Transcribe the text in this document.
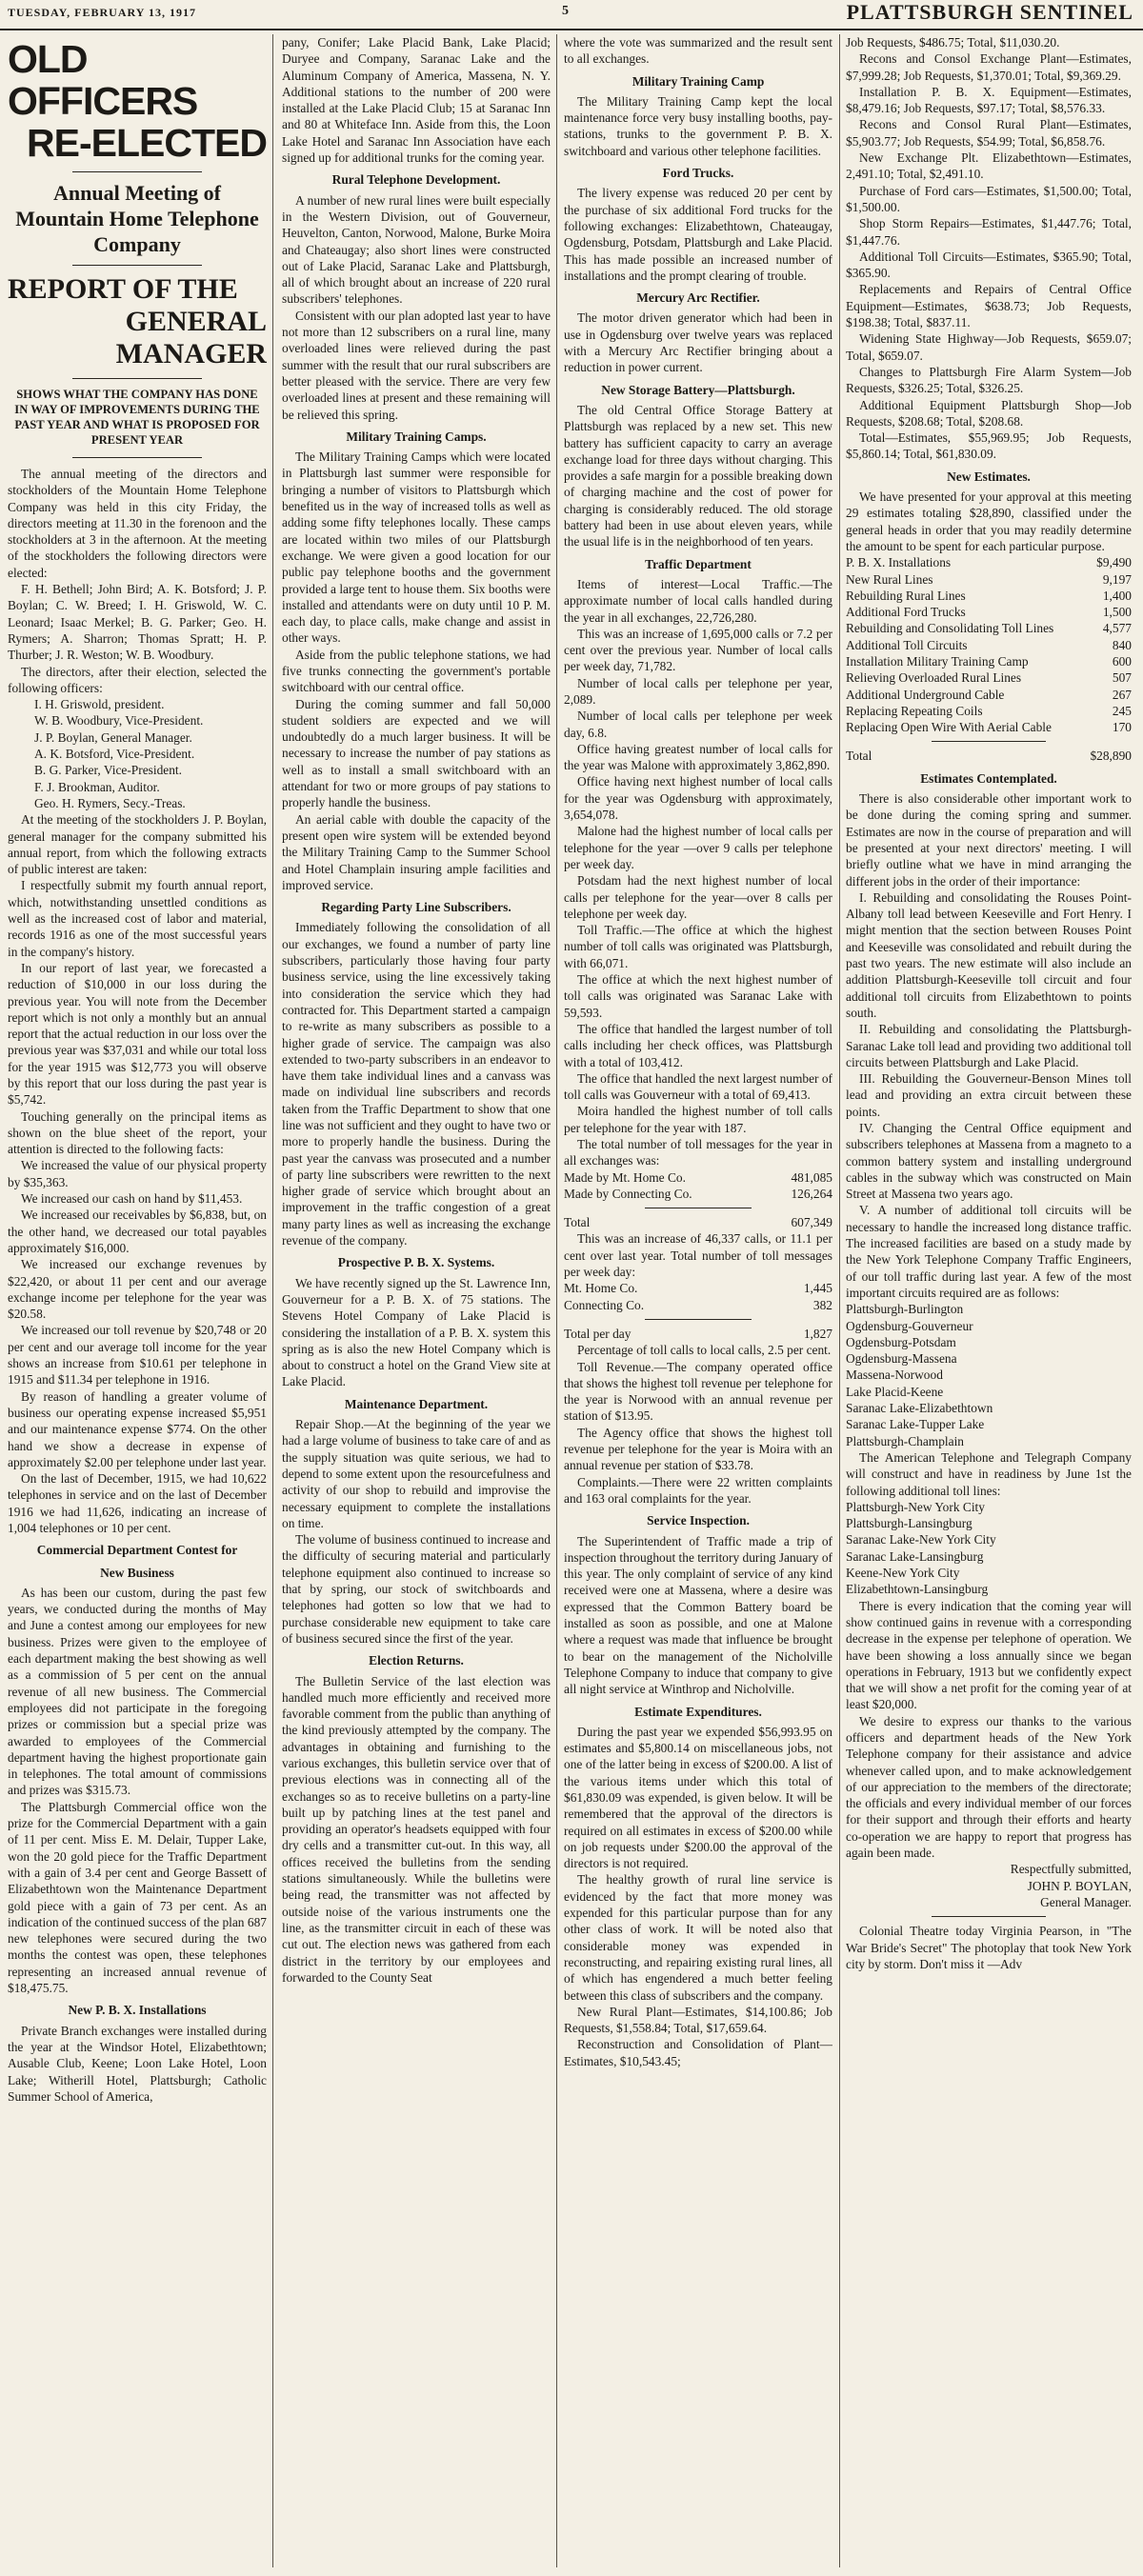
TUESDAY, FEBRUARY 13, 1917	5	PLATTSBURGH SENTINEL
OLD OFFICERS
RE-ELECTED
Annual Meeting of Mountain Home Telephone Company
REPORT OF THE
GENERAL MANAGER
SHOWS WHAT THE COMPANY HAS DONE IN WAY OF IMPROVEMENTS DURING THE PAST YEAR AND WHAT IS PROPOSED FOR PRESENT YEAR

The annual meeting of the directors and stockholders of the Mountain Home Telephone Company was held in this city Friday, the directors meeting at 11.30 in the forenoon and the stockholders at 3 in the afternoon. At the meeting of the stockholders the following directors were elected:

F. H. Bethell; John Bird; A. K. Botsford; J. P. Boylan; C. W. Breed; I. H. Griswold, W. C. Leonard; Isaac Merkel; B. G. Parker; Geo. H. Rymers; A. Sharron; Thomas Spratt; H. P. Thurber; J. R. Weston; W. B. Woodbury.

The directors, after their election, selected the following officers:

I. H. Griswold, president.

W. B. Woodbury, Vice-President.

J. P. Boylan, General Manager.

A. K. Botsford, Vice-President.

B. G. Parker, Vice-President.

F. J. Brookman, Auditor.

Geo. H. Rymers, Secy.-Treas.

At the meeting of the stockholders J. P. Boylan, general manager for the company submitted his annual report, from which the following extracts of public interest are taken:

I respectfully submit my fourth annual report, which, notwithstanding unsettled conditions as well as the increased cost of labor and material, records 1916 as one of the most successful years in the company's history.

In our report of last year, we forecasted a reduction of $10,000 in our loss during the previous year. You will note from the December report which is not only a monthly but an annual report that the actual reduction in our loss over the previous year was $37,031 and while our total loss for the year 1915 was $12,773 you will observe by this report that our loss during the past year is $5,742.

Touching generally on the principal items as shown on the blue sheet of the report, your attention is directed to the following facts:

We increased the value of our physical property by $35,363.

We increased our cash on hand by $11,453.

We increased our receivables by $6,838, but, on the other hand, we decreased our total payables approximately $16,000.

We increased our exchange revenues by $22,420, or about 11 per cent and our average exchange income per telephone for the year was $20.58.

We increased our toll revenue by $20,748 or 20 per cent and our average toll income for the year shows an increase from $10.61 per telephone in 1915 and $11.34 per telephone in 1916.

By reason of handling a greater volume of business our operating expense increased $5,951 and our maintenance expense $774. On the other hand we show a decrease in expense of approximately $2.00 per telephone under last year.

On the last of December, 1915, we had 10,622 telephones in service and on the last of December 1916 we had 11,626, indicating an increase of 1,004 telephones or 10 per cent.

Commercial Department Contest for
New Business

As has been our custom, during the past few years, we conducted during the months of May and June a contest among our employees for new business. Prizes were given to the employee of each department making the best showing as well as a commission of 5 per cent on the annual revenue of all new business. The Commercial employees did not participate in the foregoing prizes or commission but a special prize was awarded to employees of the Commercial department having the highest proportionate gain in telephones. The total amount of commissions and prizes was $315.73.

The Plattsburgh Commercial office won the prize for the Commercial Department with a gain of 11 per cent. Miss E. M. Delair, Tupper Lake, won the 20 gold piece for the Traffic Department with a gain of 3.4 per cent and George Bassett of Elizabethtown won the Maintenance Department gold piece with a gain of 73 per cent. As an indication of the continued success of the plan 687 new telephones were secured during the two months the contest was open, these telephones representing an increased annual revenue of $18,475.75.

New P. B. X. Installations

Private Branch exchanges were installed during the year at the Windsor Hotel, Elizabethtown; Ausable Club, Keene; Loon Lake Hotel, Loon Lake; Witherill Hotel, Plattsburgh; Catholic Summer School of America,

pany, Conifer; Lake Placid Bank, Lake Placid; Duryee and Company, Saranac Lake and the Aluminum Company of America, Massena, N. Y. Additional stations to the number of 200 were installed at the Lake Placid Club; 15 at Saranac Inn and 80 at Whiteface Inn. Aside from this, the Loon Lake Hotel and Saranac Inn Association have each signed up for additional trunks for the coming year.

Rural Telephone Development.

A number of new rural lines were built especially in the Western Division, out of Gouverneur, Heuvelton, Canton, Norwood, Malone, Burke Moira and Chateaugay; also short lines were constructed out of Lake Placid, Saranac Lake and Plattsburgh, all of which brought about an increase of 220 rural subscribers' telephones.

Consistent with our plan adopted last year to have not more than 12 subscribers on a rural line, many overloaded lines were relieved during the past summer with the result that our rural subscribers are better pleased with the service. There are very few overloaded lines at present and these remaining will be relieved this spring.

Military Training Camps.

The Military Training Camps which were located in Plattsburgh last summer were responsible for bringing a number of visitors to Plattsburgh which benefited us in the way of increased tolls as well as adding some fifty telephones locally. These camps are located within two miles of our Plattsburgh exchange. We were given a good location for our public pay telephone booths and the government provided a large tent to house them. Six booths were installed and attendants were on duty until 10 P. M. each day, to place calls, make change and assist in other ways.

Aside from the public telephone stations, we had five trunks connecting the government's portable switchboard with our central office.

During the coming summer and fall 50,000 student soldiers are expected and we will undoubtedly do a much larger business. It will be necessary to increase the number of pay stations as well as to install a small switchboard with an attendant for two or more groups of pay stations to properly handle the business.

An aerial cable with double the capacity of the present open wire system will be extended beyond the Military Training Camp to the Summer School and Hotel Champlain insuring ample facilities and improved service.

Regarding Party Line Subscribers.

Immediately following the consolidation of all our exchanges, we found a number of party line subscribers, particularly those having four party business service, using the line excessively taking into consideration the service which they had contracted for. This Department started a campaign to re-write as many subscribers as possible to a higher grade of service. The campaign was also extended to two-party subscribers in an endeavor to have them take individual lines and a canvass was made on individual line subscribers and records taken from the Traffic Department to show that one line was not sufficient and they ought to have two or more to properly handle the business. During the past year the canvass was prosecuted and a number of party line subscribers were rewritten to the next higher grade of service which brought about an improvement in the traffic congestion of a great many party lines as well as increasing the exchange revenue of the company.

Prospective P. B. X. Systems.

We have recently signed up the St. Lawrence Inn, Gouverneur for a P. B. X. of 75 stations. The Stevens Hotel Company of Lake Placid is considering the installation of a P. B. X. system this spring as is also the new Hotel Company which is about to construct a hotel on the Grand View site at Lake Placid.

Maintenance Department.

Repair Shop.—At the beginning of the year we had a large volume of business to take care of and as the supply situation was quite serious, we had to depend to some extent upon the resourcefulness and activity of our shop to rebuild and improvise the necessary equipment to complete the installations on time.

The volume of business continued to increase and the difficulty of securing material and particularly telephone equipment also continued to increase so that by spring, our stock of switchboards and telephones had gotten so low that we had to purchase considerable new equipment to take care of business secured since the first of the year.

Election Returns.

The Bulletin Service of the last election was handled much more efficiently and received more favorable comment from the public than anything of the kind previously attempted by the company. The advantages in obtaining and furnishing to the various exchanges, this bulletin service over that of previous elections was in connecting all of the exchanges so as to receive bulletins on a party-line built up by patching lines at the test panel and providing an operator's headsets equipped with four dry cells and a transmitter cut-out. In this way, all offices received the bulletins from the sending stations simultaneously. While the bulletins were being read, the transmitter was not affected by outside noise of the various instruments one the line, as the transmitter circuit in each of these was cut out. The election news was gathered from each district in the territory by our employees and forwarded to the County Seat

where the vote was summarized and the result sent to all exchanges.

Military Training Camp

The Military Training Camp kept the local maintenance force very busy installing booths, pay-stations, trunks to the government P. B. X. switchboard and various other telephone facilities.

Ford Trucks.

The livery expense was reduced 20 per cent by the purchase of six additional Ford trucks for the following exchanges: Elizabethtown, Chateaugay, Ogdensburg, Potsdam, Plattsburgh and Lake Placid. This has made possible an increased number of installations and the prompt clearing of trouble.

Mercury Arc Rectifier.

The motor driven generator which had been in use in Ogdensburg over twelve years was replaced with a Mercury Arc Rectifier bringing about a reduction in power current.

New Storage Battery—Plattsburgh.

The old Central Office Storage Battery at Plattsburgh was replaced by a new set. This new battery has sufficient capacity to carry an average exchange load for three days without charging. This provides a safe margin for a possible breaking down of charging machine and the cost of power for charging is considerably reduced. The old storage battery had been in use about eleven years, while the usual life is in the neighborhood of ten years.

Traffic Department

Items of interest—Local Traffic.—The approximate number of local calls handled during the year in all exchanges, 22,726,280.

This was an increase of 1,695,000 calls or 7.2 per cent over the previous year. Number of local calls per week day, 71,782.

Number of local calls per telephone per year, 2,089.

Number of local calls per telephone per week day, 6.8.

Office having greatest number of local calls for the year was Malone with approximately 3,862,890.

Office having next highest number of local calls for the year was Ogdensburg with approximately, 3,654,078.

Malone had the highest number of local calls per telephone for the year —over 9 calls per telephone per week day.

Potsdam had the next highest number of local calls per telephone for the year—over 8 calls per telephone per week day.

Toll Traffic.—The office at which the highest number of toll calls was originated was Plattsburgh, with 66,071.

The office at which the next highest number of toll calls was originated was Saranac Lake with 59,593.

The office that handled the largest number of toll calls including her check offices, was Plattsburgh with a total of 103,412.

The office that handled the next largest number of toll calls was Gouverneur with a total of 69,413.

Moira handled the highest number of toll calls per telephone for the year with 187.

The total number of toll messages for the year in all exchanges was:

Made by Mt. Home Co.	481,085
Made by Connecting Co.	126,264
Total	607,349

This was an increase of 46,337 calls, or 11.1 per cent over last year. Total number of toll messages per week day:

Mt. Home Co.	1,445
Connecting Co.	382
Total per day	1,827

Percentage of toll calls to local calls, 2.5 per cent.

Toll Revenue.—The company operated office that shows the highest toll revenue per telephone for the year is Norwood with an annual revenue per station of $13.95.

The Agency office that shows the highest toll revenue per telephone for the year is Moira with an annual revenue per station of $33.78.

Complaints.—There were 22 written complaints and 163 oral complaints for the year.

Service Inspection.

The Superintendent of Traffic made a trip of inspection throughout the territory during January of this year. The only complaint of service of any kind received were one at Massena, where a desire was expressed that the Common Battery board be installed as soon as possible, and one at Malone where a request was made that influence be brought to bear on the management of the Nicholville Telephone Company to induce that company to give all night service at Winthrop and Nicholville.

Estimate Expenditures.

During the past year we expended $56,993.95 on estimates and $5,800.14 on miscellaneous jobs, not one of the latter being in excess of $200.00. A list of the various items under which this total of $61,830.09 was expended, is given below. It will be remembered that the approval of the directors is required on all estimates in excess of $200.00 while on job requests under $200.00 the approval of the directors is not required.

The healthy growth of rural line service is evidenced by the fact that more money was expended for this particular purpose than for any other class of work. It will be noted also that considerable money was expended in reconstructing, and repairing existing rural lines, all of which has engendered a much better feeling between this class of subscribers and the company.

New Rural Plant—Estimates, $14,100.86; Job Requests, $1,558.84; Total, $17,659.64.

Reconstruction and Consolidation of Plant—Estimates, $10,543.45;

Job Requests, $486.75; Total, $11,030.20.

Recons and Consol Exchange Plant—Estimates, $7,999.28; Job Requests, $1,370.01; Total, $9,369.29.

Installation P. B. X. Equipment—Estimates, $8,479.16; Job Requests, $97.17; Total, $8,576.33.

Recons and Consol Rural Plant—Estimates, $5,903.77; Job Requests, $54.99; Total, $6,858.76.

New Exchange Plt. Elizabethtown—Estimates, 2,491.10; Total, $2,491.10.

Purchase of Ford cars—Estimates, $1,500.00; Total, $1,500.00.

Shop Storm Repairs—Estimates, $1,447.76; Total, $1,447.76.

Additional Toll Circuits—Estimates, $365.90; Total, $365.90.

Replacements and Repairs of Central Office Equipment—Estimates, $638.73; Job Requests, $198.38; Total, $837.11.

Widening State Highway—Job Requests, $659.07; Total, $659.07.

Changes to Plattsburgh Fire Alarm System—Job Requests, $326.25; Total, $326.25.

Additional Equipment Plattsburgh Shop—Job Requests, $208.68; Total, $208.68.

Total—Estimates, $55,969.95; Job Requests, $5,860.14; Total, $61,830.09.

New Estimates.

We have presented for your approval at this meeting 29 estimates totaling $28,890, classified under the general heads in order that you may readily determine the amount to be spent for each particular purpose.

P. B. X. Installations	$9,490
New Rural Lines	9,197
Rebuilding Rural Lines	1,400
Additional Ford Trucks	1,500
Rebuilding and Consolidating Toll Lines	4,577
Additional Toll Circuits	840
Installation Military Training Camp	600
Relieving Overloaded Rural Lines	507
Additional Underground Cable	267
Replacing Repeating Coils	245
Replacing Open Wire With Aerial Cable	170
Total	$28,890
Estimates Contemplated.

There is also considerable other important work to be done during the coming spring and summer. Estimates are now in the course of preparation and will be presented at your next directors' meeting. I will briefly outline what we have in mind arranging the different jobs in the order of their importance:

I. Rebuilding and consolidating the Rouses Point-Albany toll lead between Keeseville and Fort Henry. I might mention that the section between Rouses Point and Keeseville was consolidated and rebuilt during the past two years. The new estimate will also include an addition Plattsburgh-Keeseville toll circuit and four additional toll circuits from Elizabethtown to points south.

II. Rebuilding and consolidating the Plattsburgh-Saranac Lake toll lead and providing two additional toll circuits between Plattsburgh and Lake Placid.

III. Rebuilding the Gouverneur-Benson Mines toll lead and providing an extra circuit between these points.

IV. Changing the Central Office equipment and subscribers telephones at Massena from a magneto to a common battery system and installing underground cables in the subway which was constructed on Main Street at Massena two years ago.

V. A number of additional toll circuits will be necessary to handle the increased long distance traffic. The increased facilities are based on a study made by the New York Telephone Company Traffic Engineers, of our toll traffic during last year. A few of the most important circuits required are as follows:

Plattsburgh-Burlington
Ogdensburg-Gouverneur
Ogdensburg-Potsdam
Ogdensburg-Massena
Massena-Norwood
Lake Placid-Keene
Saranac Lake-Elizabethtown
Saranac Lake-Tupper Lake
Plattsburgh-Champlain

The American Telephone and Telegraph Company will construct and have in readiness by June 1st the following additional toll lines:

Plattsburgh-New York City
Plattsburgh-Lansingburg
Saranac Lake-New York City
Saranac Lake-Lansingburg
Keene-New York City
Elizabethtown-Lansingburg

There is every indication that the coming year will show continued gains in revenue with a corresponding decrease in the expense per telephone of operation. We have been showing a loss annually since we began operations in February, 1913 but we confidently expect that we will show a net profit for the coming year of at least $20,000.

We desire to express our thanks to the various officers and department heads of the New York Telephone company for their assistance and advice whenever called upon, and to make acknowledgement of our appreciation to the members of the directorate; the officials and every individual member of our forces for their support and through their efforts and hearty co-operation we are happy to report that progress has again been made.

Respectfully submitted,

JOHN P. BOYLAN,

General Manager.

Colonial Theatre today Virginia Pearson, in "The War Bride's Secret" The photoplay that took New York city by storm. Don't miss it —Adv
